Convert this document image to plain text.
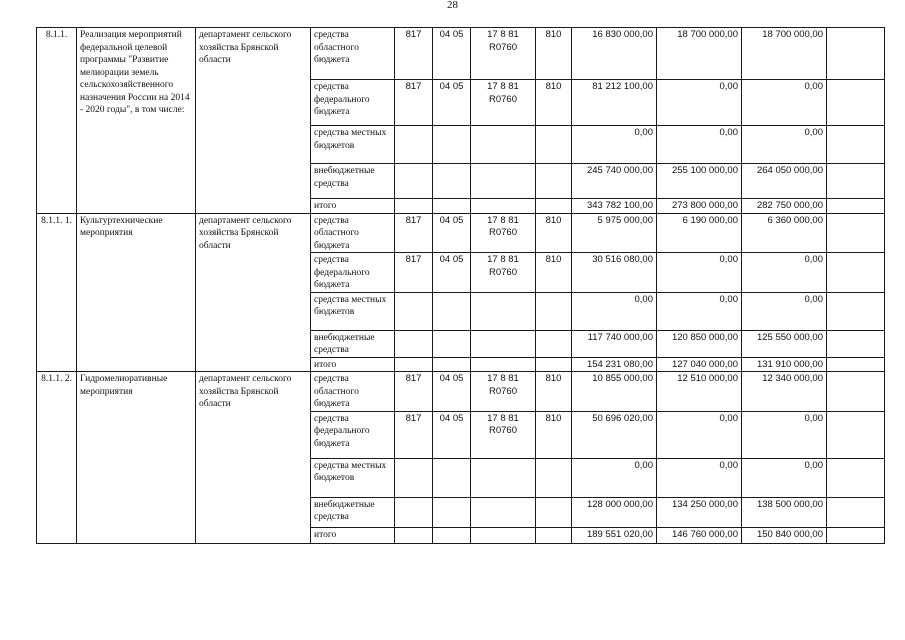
28
8.1.1.	Реализация мероприятий федеральной целевой программы "Развитие мелиорации земель сельскохозяйственного назначения России на 2014 - 2020 годы", в том числе:	департамент сельского хозяйства Брянской области	средства областного бюджета	817	04 05	17 8 81 R0760	810	16 830 000,00	18 700 000,00	18 700 000,00	
			средства федерального бюджета	817	04 05	17 8 81 R0760	810	81 212 100,00	0,00	0,00	
			средства местных бюджетов					0,00	0,00	0,00	
			внебюджетные средства					245 740 000,00	255 100 000,00	264 050 000,00	
			итого					343 782 100,00	273 800 000,00	282 750 000,00	
8.1.1. 1.	Культуртехнические мероприятия	департамент сельского хозяйства Брянской области	средства областного бюджета	817	04 05	17 8 81 R0760	810	5 975 000,00	6 190 000,00	6 360 000,00	
			средства федерального бюджета	817	04 05	17 8 81 R0760	810	30 516 080,00	0,00	0,00	
			средства местных бюджетов					0,00	0,00	0,00	
			внебюджетные средства					117 740 000,00	120 850 000,00	125 550 000,00	
			итого					154 231 080,00	127 040 000,00	131 910 000,00	
8.1.1. 2.	Гидромелиоративные мероприятия	департамент сельского хозяйства Брянской области	средства областного бюджета	817	04 05	17 8 81 R0760	810	10 855 000,00	12 510 000,00	12 340 000,00	
			средства федерального бюджета	817	04 05	17 8 81 R0760	810	50 696 020,00	0,00	0,00	
			средства местных бюджетов					0,00	0,00	0,00	
			внебюджетные средства					128 000 000,00	134 250 000,00	138 500 000,00	
			итого					189 551 020,00	146 760 000,00	150 840 000,00	
